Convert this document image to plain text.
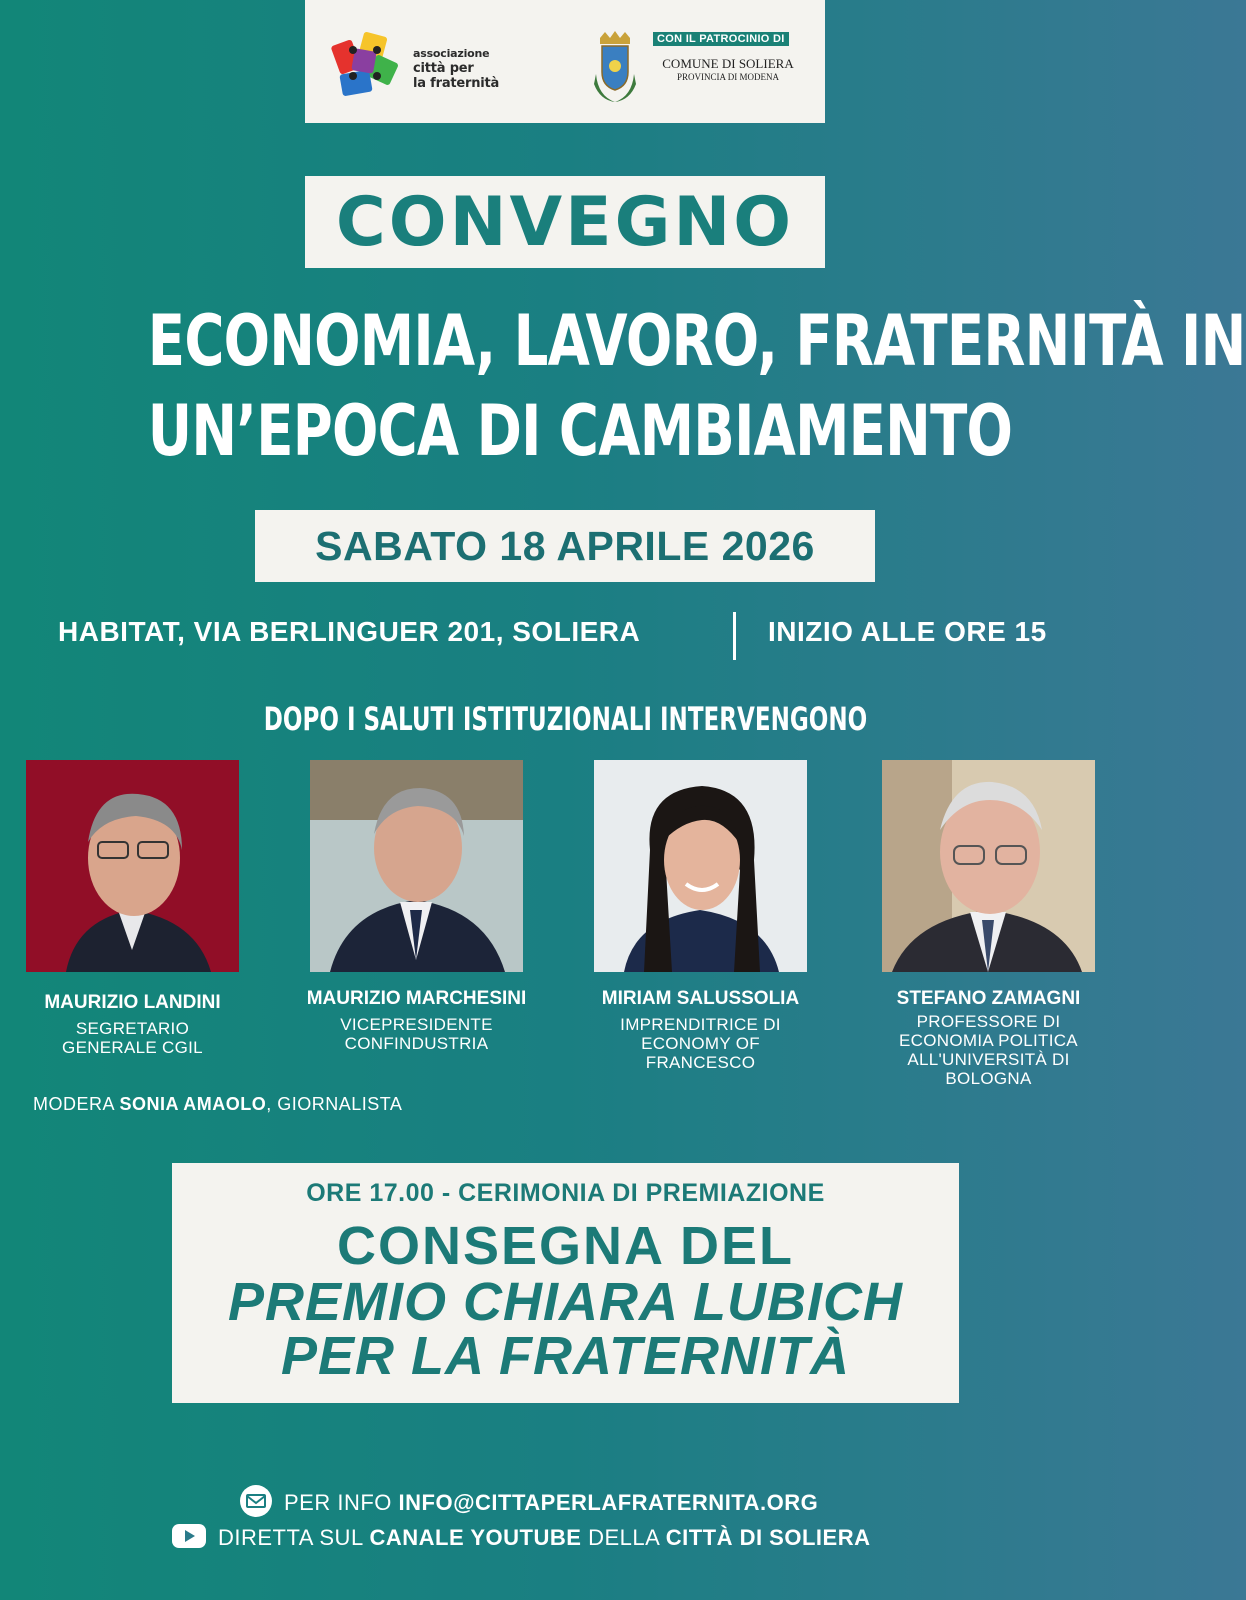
associazione
città per
la fraternità
CON IL PATROCINIO DI
COMUNE DI SOLIERA
PROVINCIA DI MODENA
CONVEGNO
ECONOMIA, LAVORO, FRATERNITÀ IN
UN’EPOCA DI CAMBIAMENTO
SABATO 18 APRILE 2026
HABITAT, VIA BERLINGUER 201, SOLIERA	INIZIO ALLE ORE 15
DOPO I SALUTI ISTITUZIONALI INTERVENGONO
MAURIZIO LANDINI
SEGRETARIO
GENERALE CGIL
MAURIZIO MARCHESINI
VICEPRESIDENTE
CONFINDUSTRIA
MIRIAM SALUSSOLIA
IMPRENDITRICE DI
ECONOMY OF
FRANCESCO
STEFANO ZAMAGNI
PROFESSORE DI
ECONOMIA POLITICA
ALL'UNIVERSITÀ DI
BOLOGNA
MODERA SONIA AMAOLO, GIORNALISTA
ORE 17.00 - CERIMONIA DI PREMIAZIONE
CONSEGNA DEL
PREMIO CHIARA LUBICH
PER LA FRATERNITÀ
PER INFO INFO@CITTAPERLAFRATERNITA.ORG
DIRETTA SUL CANALE YOUTUBE DELLA CITTÀ DI SOLIERA
